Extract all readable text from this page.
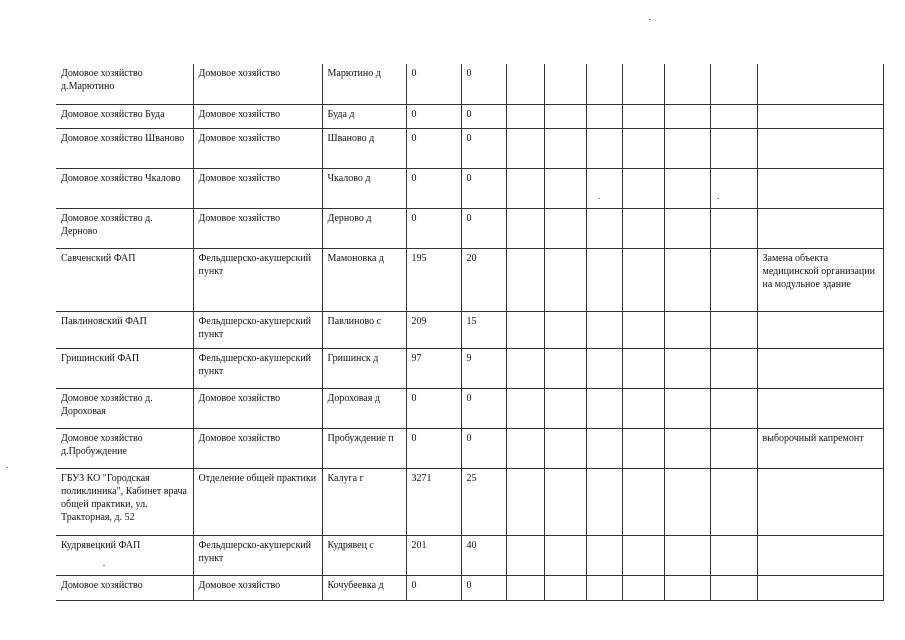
Домовое хозяйство д.Марютино	Домовое хозяйство	Марютино д	0	0							
Домовое хозяйство Буда	Домовое хозяйство	Буда д	0	0							
Домовое хозяйство Шваново	Домовое хозяйство	Шваново д	0	0							
Домовое хозяйство Чкалово	Домовое хозяйство	Чкалово д	0	0							
Домовое хозяйство д. Дерново	Домовое хозяйство	Дерново д	0	0							
Савченский ФАП	Фельдшерско-акушерский пункт	Мамоновка д	195	20							Замена объекта медицинской организации на модульное здание
Павлиновский ФАП	Фельдшерско-акушерский пункт	Павлиново с	209	15							
Гришинский ФАП	Фельдшерско-акушерский пункт	Гришинск д	97	9							
Домовое хозяйство д. Дороховая	Домовое хозяйство	Дороховая д	0	0							
Домовое хозяйство д.Пробуждение	Домовое хозяйство	Пробуждение п	0	0							выборочный капремонт
ГБУЗ КО "Городская поликлиника", Кабинет врача общей практики, ул. Тракторная, д. 52	Отделение общей практики	Калуга г	3271	25							
Кудрявецкий ФАП	Фельдшерско-акушерский пункт	Кудрявец с	201	40							
Домовое хозяйство	Домовое хозяйство	Кочубеевка д	0	0							
